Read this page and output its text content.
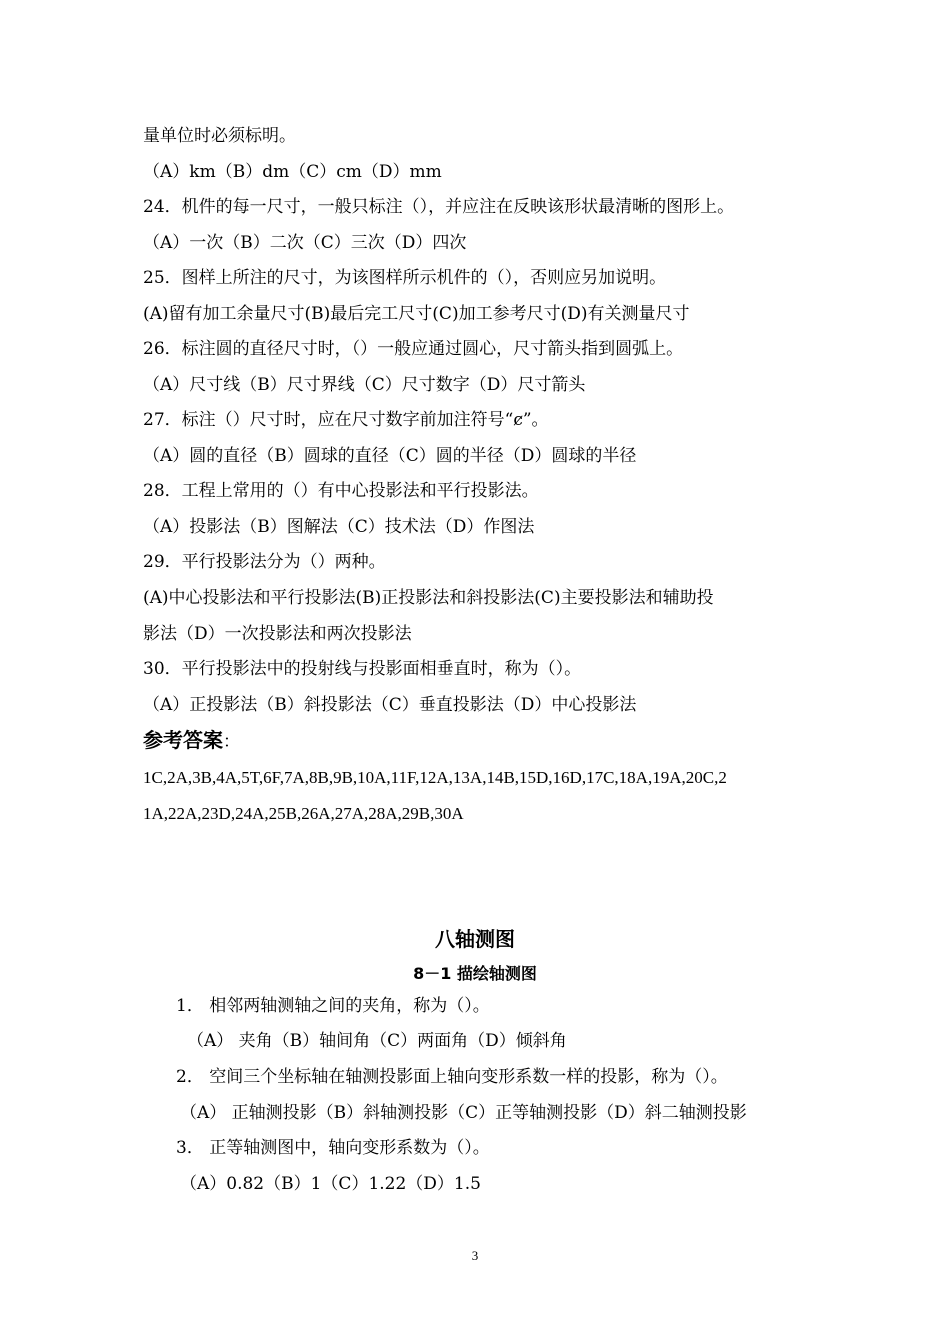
量单位时必须标明。
（A）km（B）dm（C）cm（D）mm
24．机件的每一尺寸，一般只标注（），并应注在反映该形状最清晰的图形上。
（A）一次（B）二次（C）三次（D）四次
25．图样上所注的尺寸，为该图样所示机件的（），否则应另加说明。
(A)留有加工余量尺寸(B)最后完工尺寸(C)加工参考尺寸(D)有关测量尺寸
26．标注圆的直径尺寸时，（）一般应通过圆心，尺寸箭头指到圆弧上。
（A）尺寸线（B）尺寸界线（C）尺寸数字（D）尺寸箭头
27．标注（）尺寸时，应在尺寸数字前加注符号“ȼ”。
（A）圆的直径（B）圆球的直径（C）圆的半径（D）圆球的半径
28．工程上常用的（）有中心投影法和平行投影法。
（A）投影法（B）图解法（C）技术法（D）作图法
29．平行投影法分为（）两种。
(A)中心投影法和平行投影法(B)正投影法和斜投影法(C)主要投影法和辅助投
影法（D）一次投影法和两次投影法
30．平行投影法中的投射线与投影面相垂直时，称为（）。
（A）正投影法（B）斜投影法（C）垂直投影法（D）中心投影法
参考答案：
1C,2A,3B,4A,5T,6F,7A,8B,9B,10A,11F,12A,13A,14B,15D,16D,17C,18A,19A,20C,2
1A,22A,23D,24A,25B,26A,27A,28A,29B,30A
八轴测图
8－1 描绘轴测图
1． 相邻两轴测轴之间的夹角，称为（）。
（A） 夹角（B）轴间角（C）两面角（D）倾斜角
2． 空间三个坐标轴在轴测投影面上轴向变形系数一样的投影，称为（）。
（A） 正轴测投影（B）斜轴测投影（C）正等轴测投影（D）斜二轴测投影
3． 正等轴测图中，轴向变形系数为（）。
（A）0.82（B）1（C）1.22（D）1.5
3
